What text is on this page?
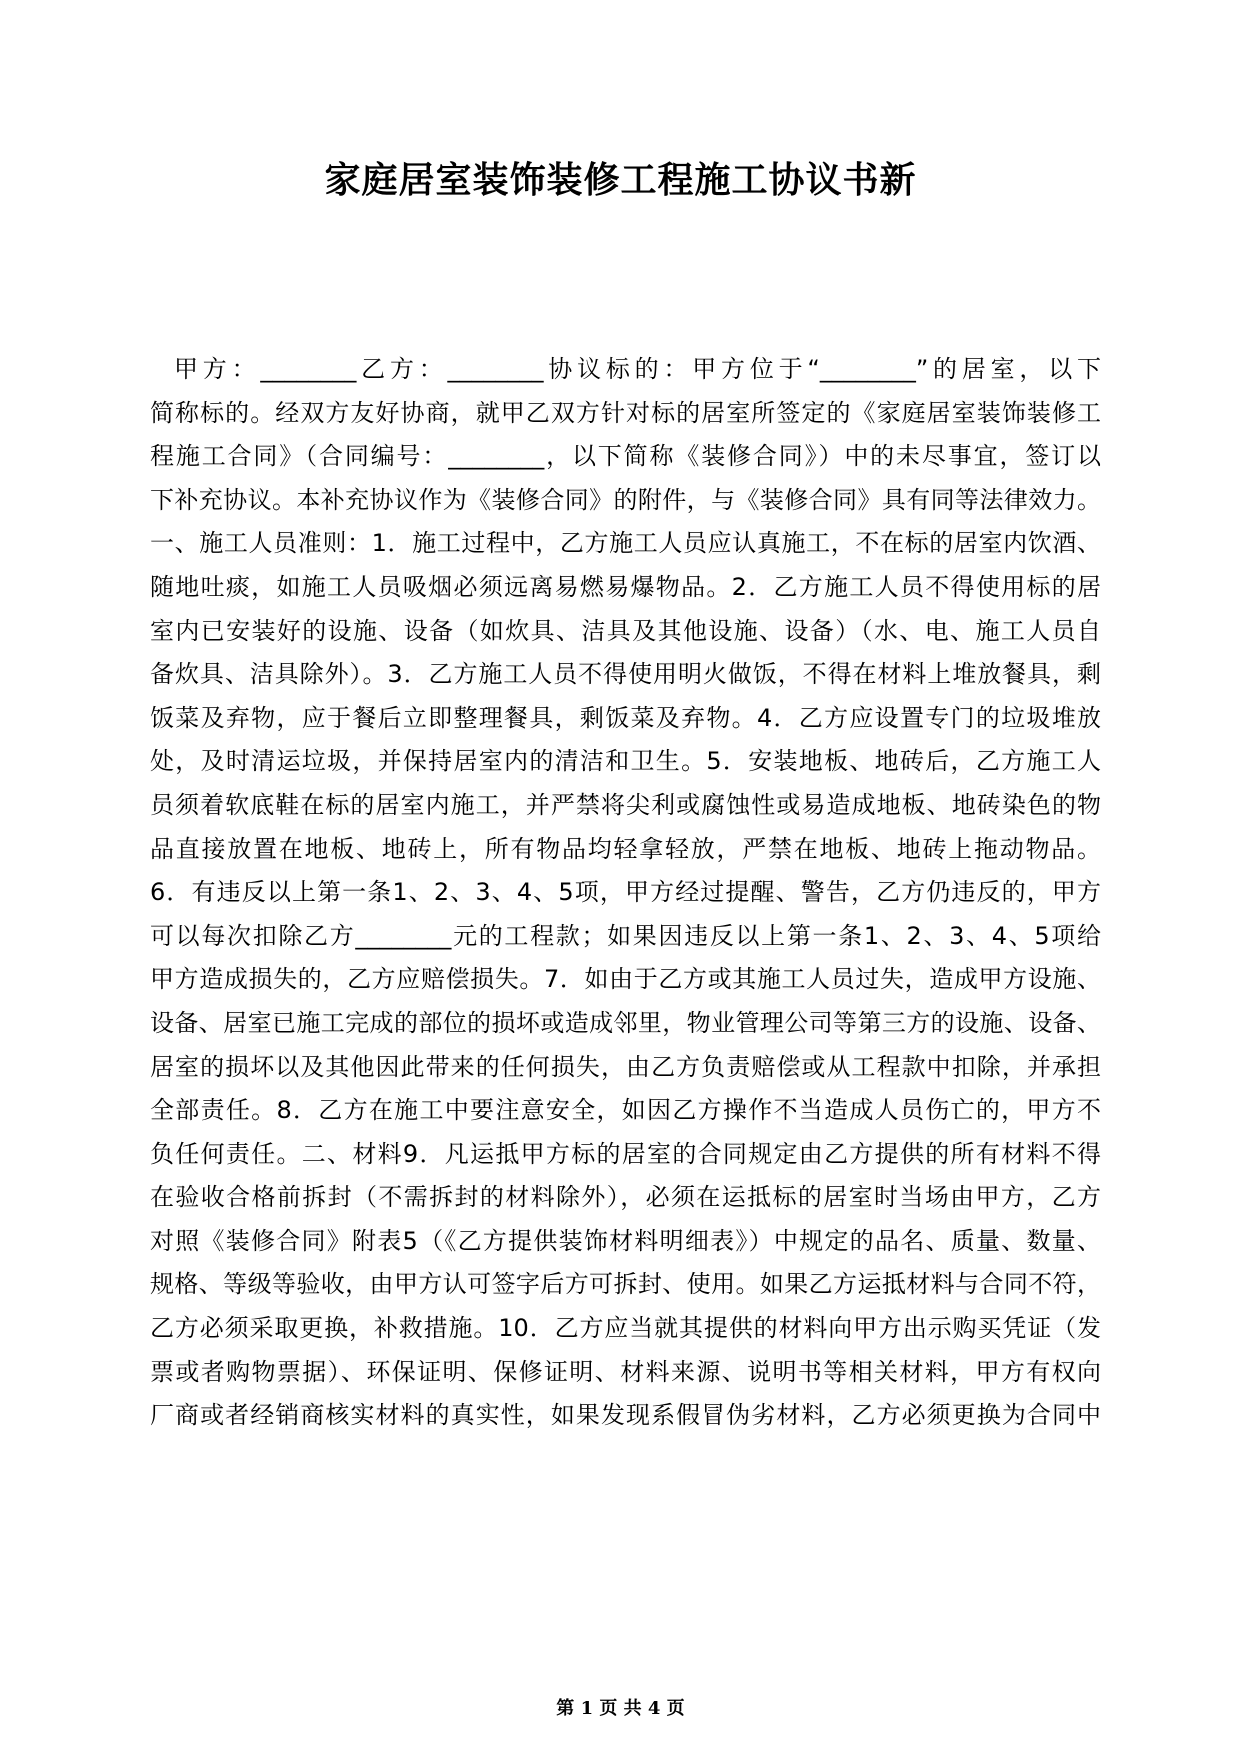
家庭居室装饰装修工程施工协议书新
甲方：________乙方：________协议标的：甲方位于“________”的居室，以下
简称标的。经双方友好协商，就甲乙双方针对标的居室所签定的《家庭居室装饰装修工
程施工合同》（合同编号：________，以下简称《装修合同》）中的未尽事宜，签订以
下补充协议。本补充协议作为《装修合同》的附件，与《装修合同》具有同等法律效力。
一、施工人员准则：1．施工过程中，乙方施工人员应认真施工，不在标的居室内饮酒、
随地吐痰，如施工人员吸烟必须远离易燃易爆物品。2．乙方施工人员不得使用标的居
室内已安装好的设施、设备（如炊具、洁具及其他设施、设备）（水、电、施工人员自
备炊具、洁具除外）。3．乙方施工人员不得使用明火做饭，不得在材料上堆放餐具，剩
饭菜及弃物，应于餐后立即整理餐具，剩饭菜及弃物。4．乙方应设置专门的垃圾堆放
处，及时清运垃圾，并保持居室内的清洁和卫生。5．安装地板、地砖后，乙方施工人
员须着软底鞋在标的居室内施工，并严禁将尖利或腐蚀性或易造成地板、地砖染色的物
品直接放置在地板、地砖上，所有物品均轻拿轻放，严禁在地板、地砖上拖动物品。
6．有违反以上第一条1、2、3、4、5项，甲方经过提醒、警告，乙方仍违反的，甲方
可以每次扣除乙方________元的工程款；如果因违反以上第一条1、2、3、4、5项给
甲方造成损失的，乙方应赔偿损失。7．如由于乙方或其施工人员过失，造成甲方设施、
设备、居室已施工完成的部位的损坏或造成邻里，物业管理公司等第三方的设施、设备、
居室的损坏以及其他因此带来的任何损失，由乙方负责赔偿或从工程款中扣除，并承担
全部责任。8．乙方在施工中要注意安全，如因乙方操作不当造成人员伤亡的，甲方不
负任何责任。二、材料9．凡运抵甲方标的居室的合同规定由乙方提供的所有材料不得
在验收合格前拆封（不需拆封的材料除外），必须在运抵标的居室时当场由甲方，乙方
对照《装修合同》附表5（《乙方提供装饰材料明细表》）中规定的品名、质量、数量、
规格、等级等验收，由甲方认可签字后方可拆封、使用。如果乙方运抵材料与合同不符，
乙方必须采取更换，补救措施。10．乙方应当就其提供的材料向甲方出示购买凭证（发
票或者购物票据）、环保证明、保修证明、材料来源、说明书等相关材料，甲方有权向
厂商或者经销商核实材料的真实性，如果发现系假冒伪劣材料，乙方必须更换为合同中
第 1 页 共 4 页
